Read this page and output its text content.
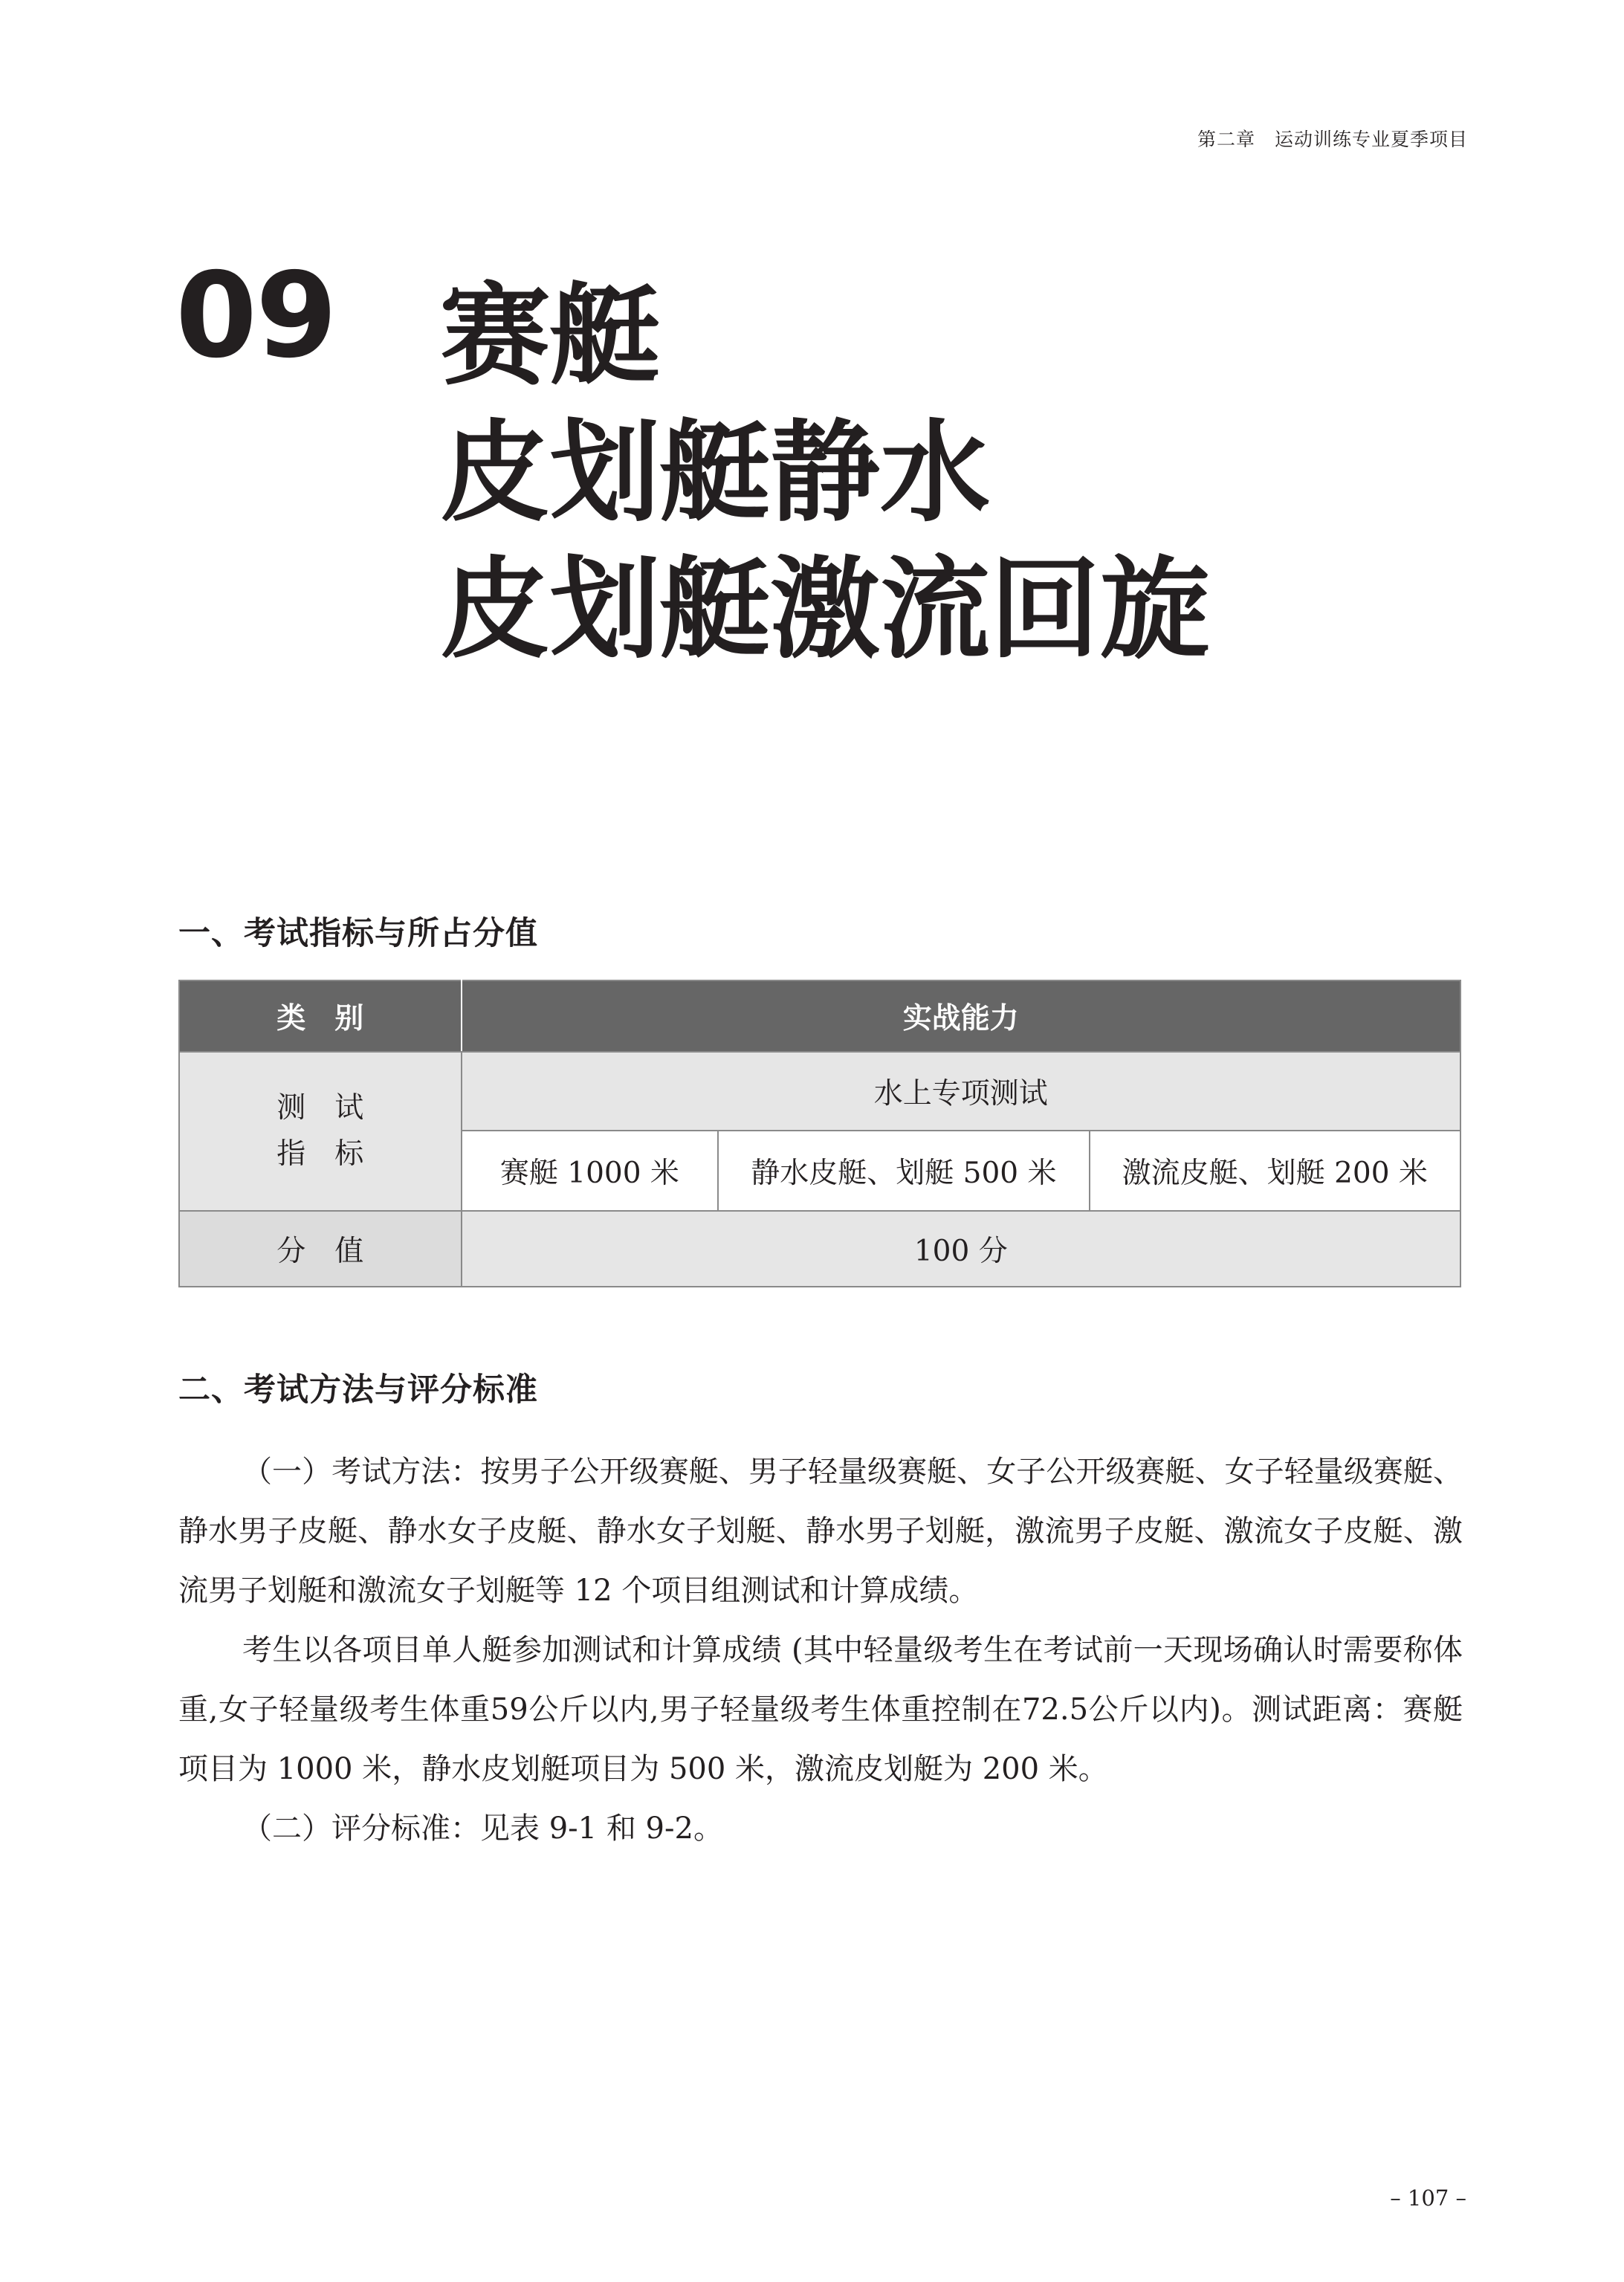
第二章　运动训练专业夏季项目
09 赛艇
皮划艇静水
皮划艇激流回旋
一、考试指标与所占分值
类　别	实战能力		

测　试
指　标	水上专项测试		
	赛艇 1000 米	静水皮艇、划艇 500 米	激流皮艇、划艇 200 米
分　值	100 分		
二、考试方法与评分标准

（一）考试方法：按男子公开级赛艇、男子轻量级赛艇、女子公开级赛艇、女子轻量级赛艇、静水男子皮艇、静水女子皮艇、静水女子划艇、静水男子划艇，激流男子皮艇、激流女子皮艇、激流男子划艇和激流女子划艇等 12 个项目组测试和计算成绩。

考生以各项目单人艇参加测试和计算成绩 (其中轻量级考生在考试前一天现场确认时需要称体重,女子轻量级考生体重59公斤以内,男子轻量级考生体重控制在72.5公斤以内)。测试距离：赛艇项目为 1000 米，静水皮划艇项目为 500 米，激流皮划艇为 200 米。

（二）评分标准：见表 9-1 和 9-2。

– 107 –
